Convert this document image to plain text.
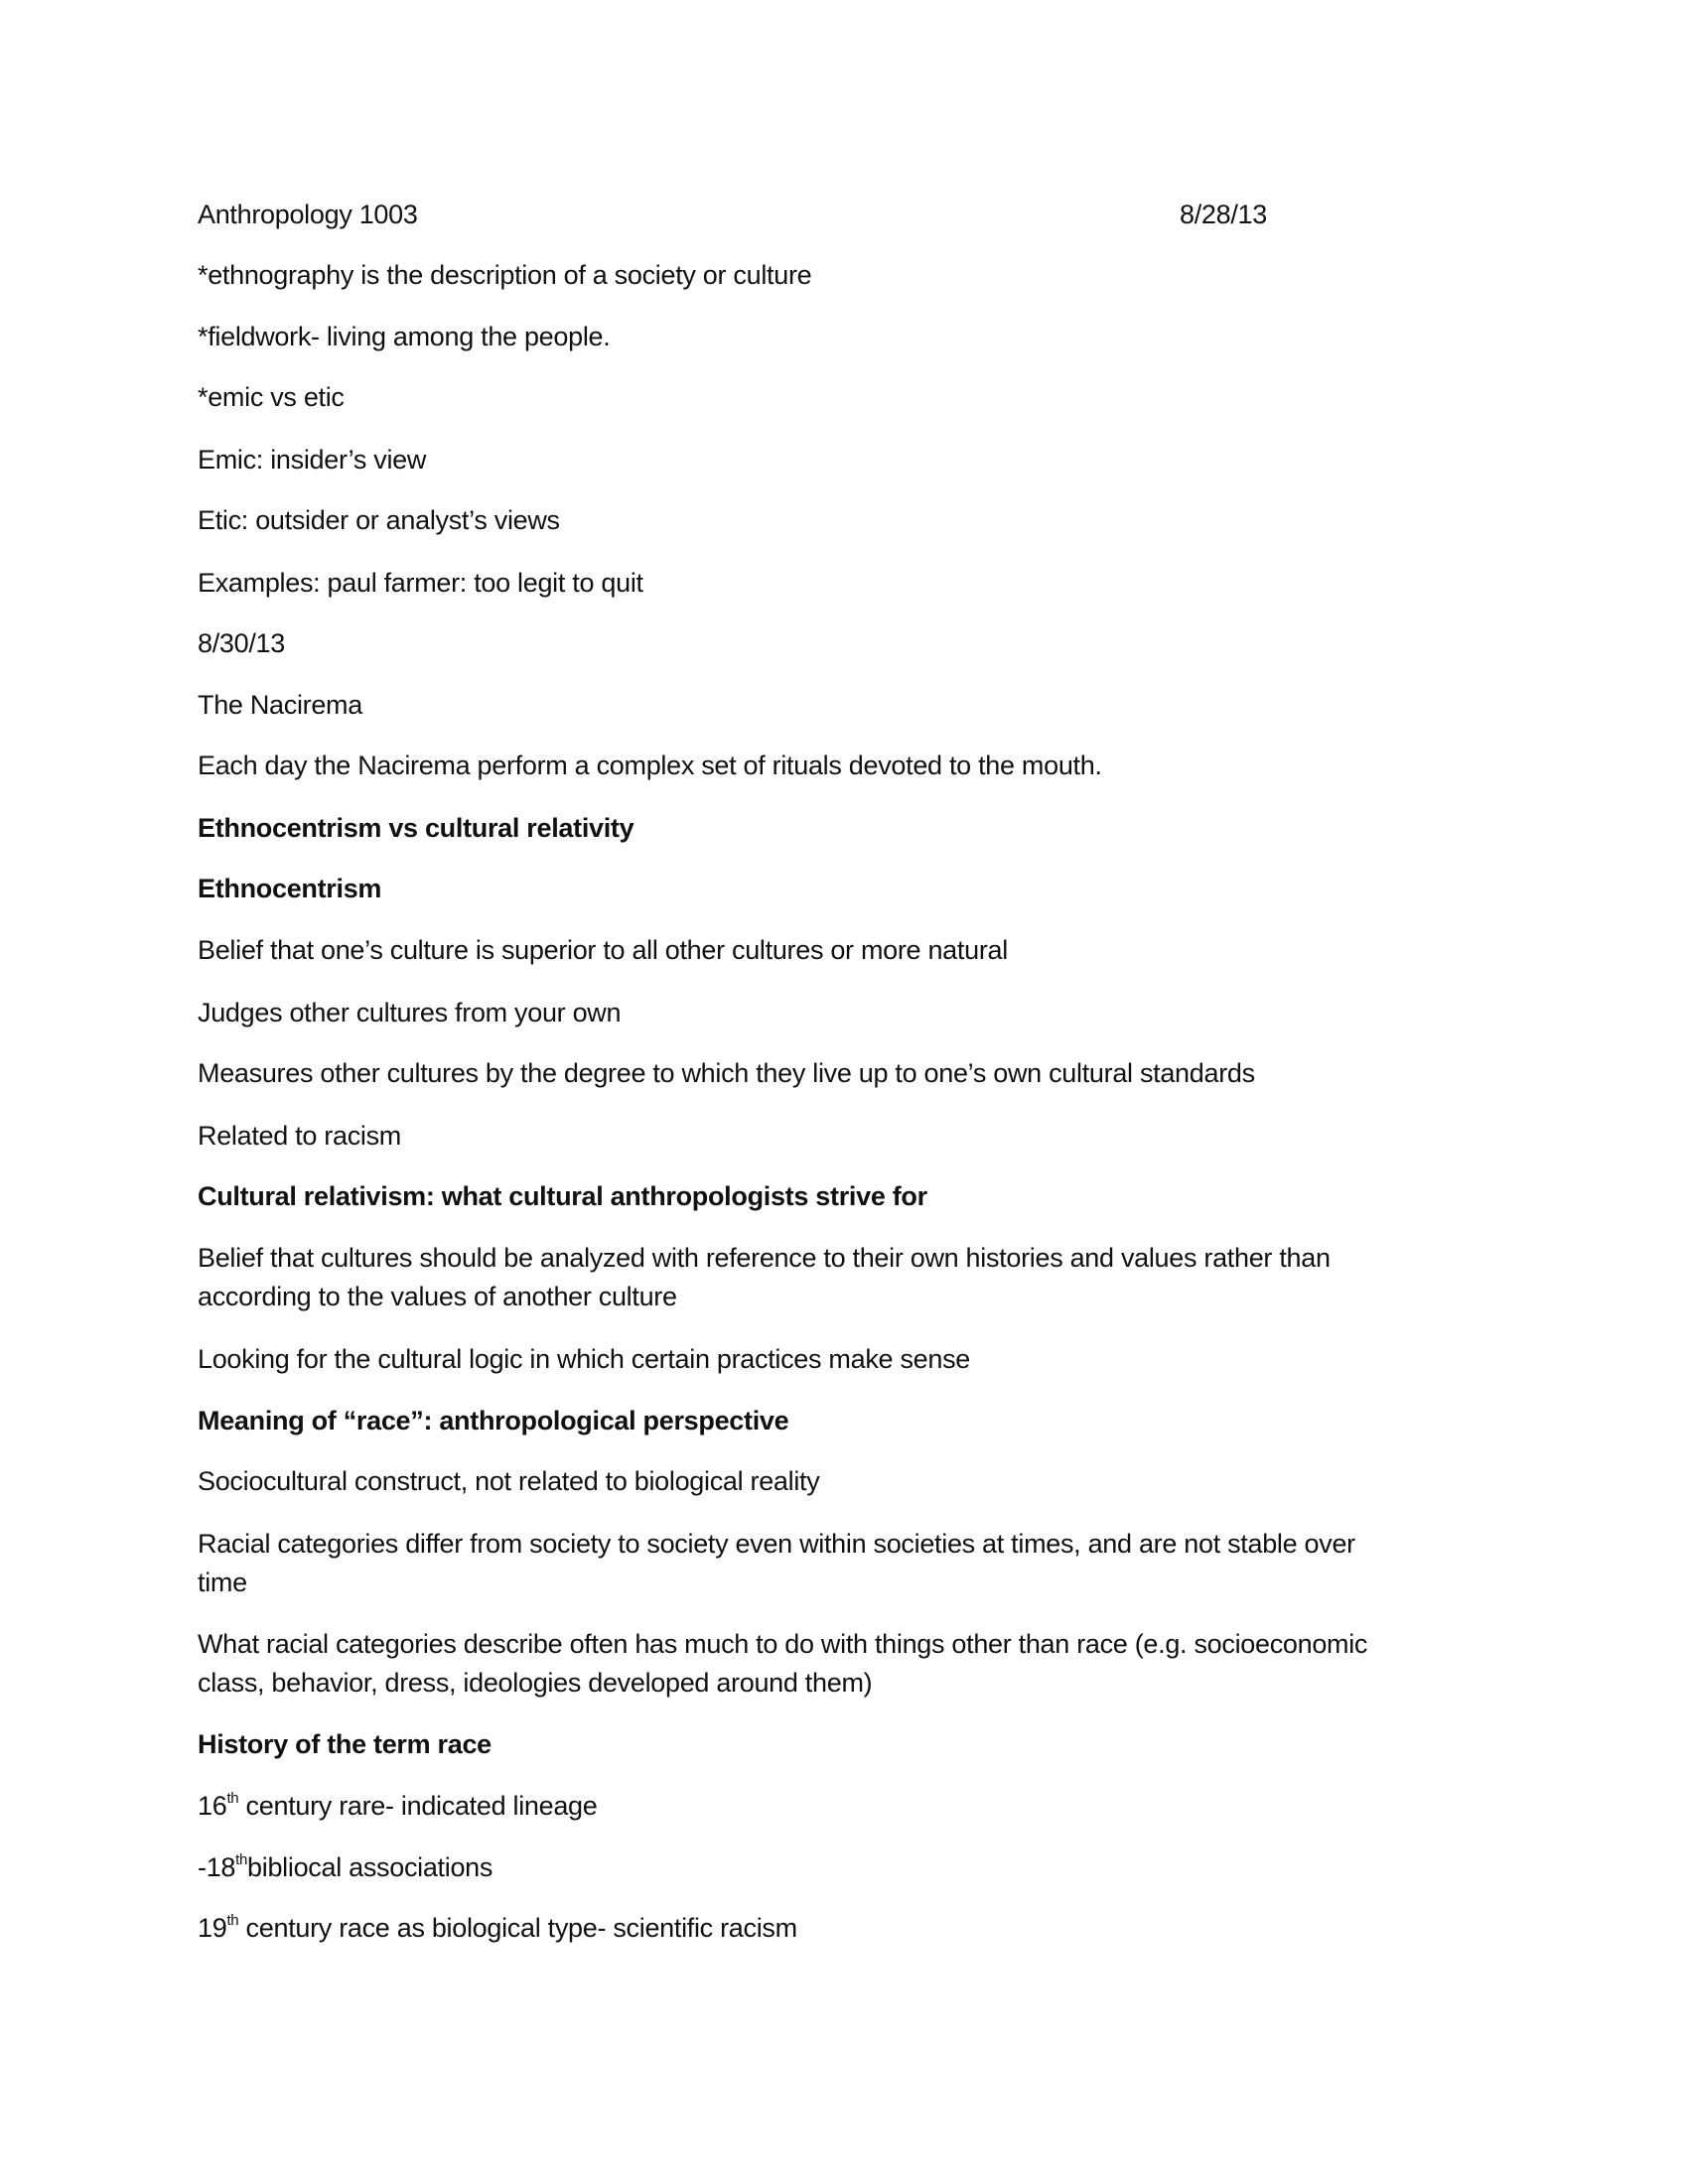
Anthropology 1003	8/28/13
*ethnography is the description of a society or culture
*fieldwork- living among the people.
*emic vs etic
Emic: insider’s view
Etic: outsider or analyst’s views
Examples: paul farmer: too legit to quit
8/30/13
The Nacirema
Each day the Nacirema perform a complex set of rituals devoted to the mouth.
Ethnocentrism vs cultural relativity
Ethnocentrism
Belief that one’s culture is superior to all other cultures or more natural
Judges other cultures from your own
Measures other cultures by the degree to which they live up to one’s own cultural standards
Related to racism
Cultural relativism: what cultural anthropologists strive for
Belief that cultures should be analyzed with reference to their own histories and values rather than
according to the values of another culture
Looking for the cultural logic in which certain practices make sense
Meaning of “race”: anthropological perspective
Sociocultural construct, not related to biological reality
Racial categories differ from society to society even within societies at times, and are not stable over
time
What racial categories describe often has much to do with things other than race (e.g. socioeconomic
class, behavior, dress, ideologies developed around them)
History of the term race
16th century rare- indicated lineage
-18thbibliocal associations
19th century race as biological type- scientific racism
